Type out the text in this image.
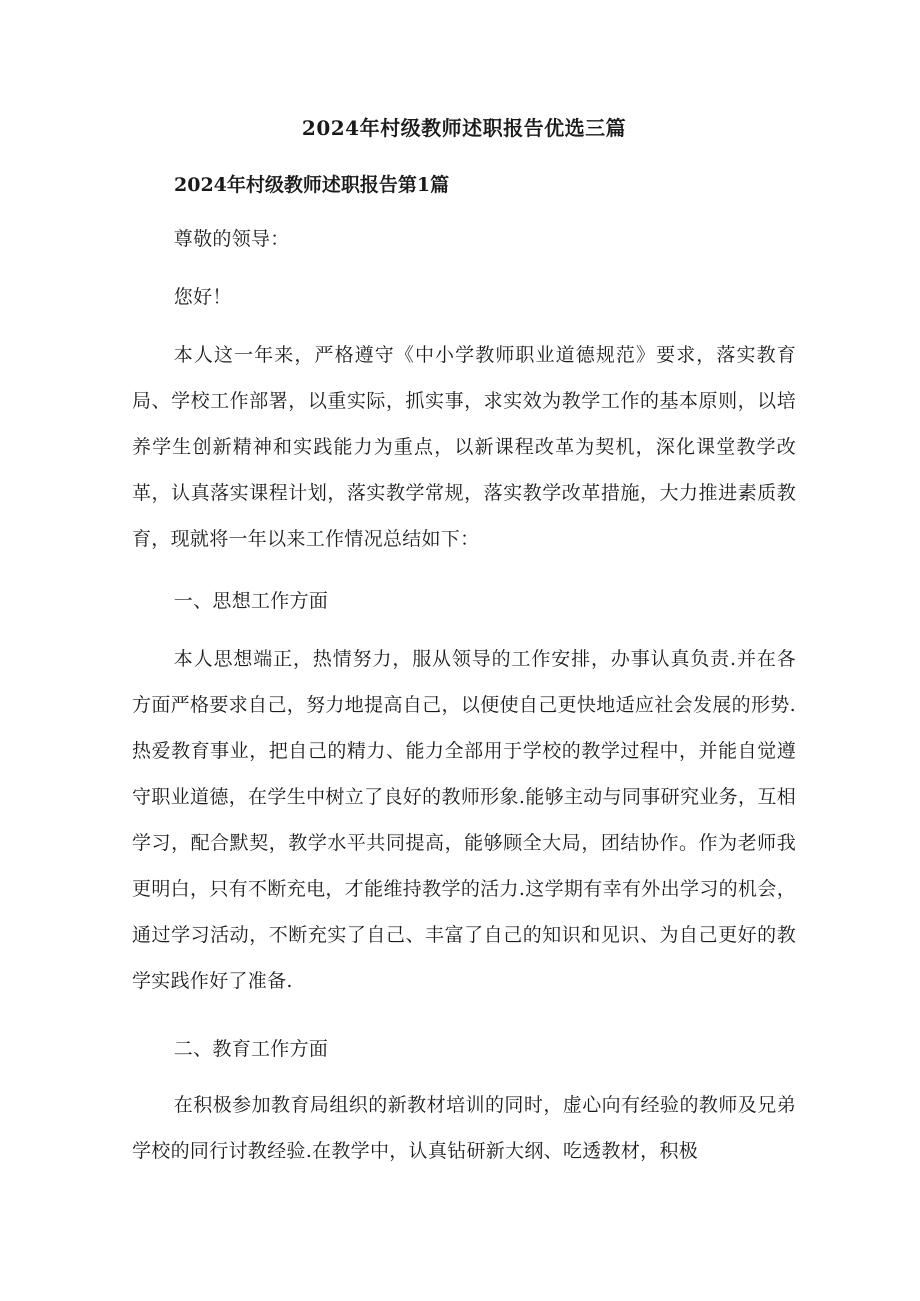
2024年村级教师述职报告优选三篇
2024年村级教师述职报告第1篇

尊敬的领导：

您好！

本人这一年来，严格遵守《中小学教师职业道德规范》要求，落实教育局、学校工作部署，以重实际，抓实事，求实效为教学工作的基本原则，以培养学生创新精神和实践能力为重点，以新课程改革为契机，深化课堂教学改革，认真落实课程计划，落实教学常规，落实教学改革措施，大力推进素质教育，现就将一年以来工作情况总结如下：

一、思想工作方面

本人思想端正，热情努力，服从领导的工作安排，办事认真负责.并在各方面严格要求自己，努力地提高自己，以便使自己更快地适应社会发展的形势.热爱教育事业，把自己的精力、能力全部用于学校的教学过程中，并能自觉遵守职业道德，在学生中树立了良好的教师形象.能够主动与同事研究业务，互相学习，配合默契，教学水平共同提高，能够顾全大局，团结协作。作为老师我更明白，只有不断充电，才能维持教学的活力.这学期有幸有外出学习的机会，通过学习活动，不断充实了自己、丰富了自己的知识和见识、为自己更好的教学实践作好了准备.

二、教育工作方面

在积极参加教育局组织的新教材培训的同时，虚心向有经验的教师及兄弟学校的同行讨教经验.在教学中，认真钻研新大纲、吃透教材，积极
